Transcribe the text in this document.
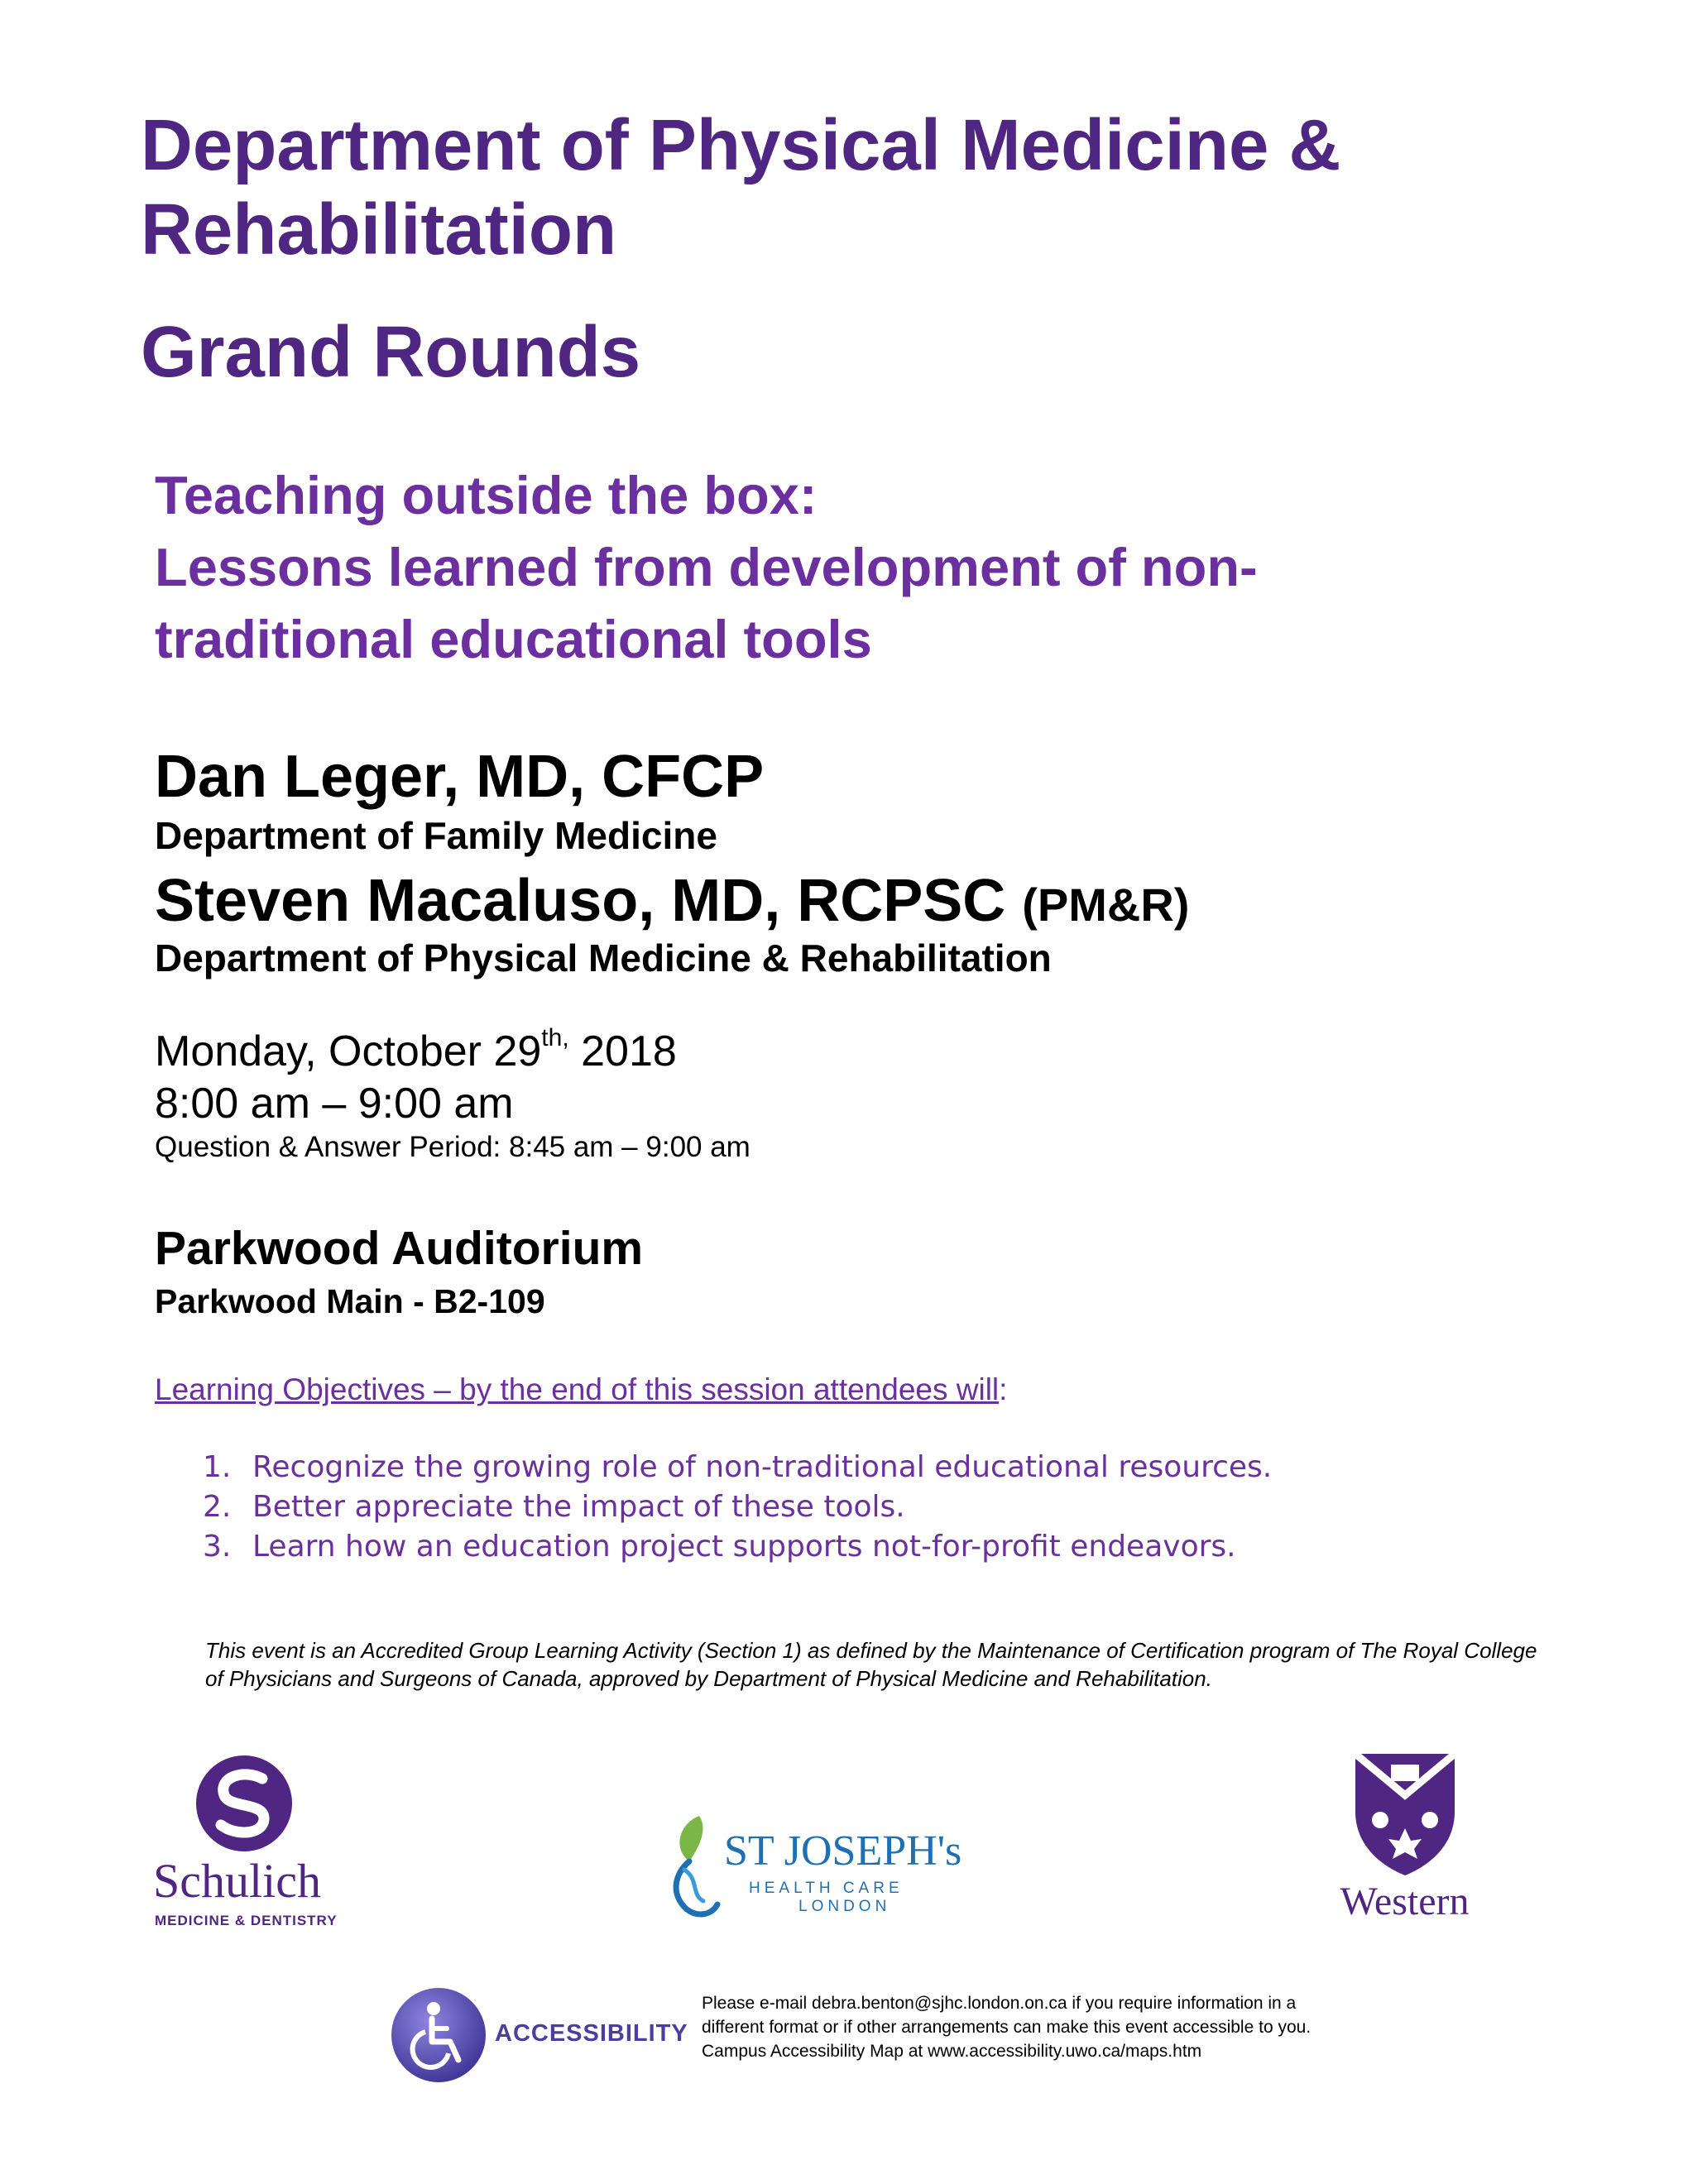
Department of Physical Medicine & Rehabilitation
Grand Rounds
Teaching outside the box:
Lessons learned from development of non-
traditional educational tools
Dan Leger, MD, CFCP
Department of Family Medicine
Steven Macaluso, MD, RCPSC (PM&R)
Department of Physical Medicine & Rehabilitation
Monday, October $29^{th,}$ 2018
8:00 am – 9:00 am
Question & Answer Period: 8:45 am – 9:00 am
Parkwood Auditorium
Parkwood Main - B2-109
Learning Objectives – by the end of this session attendees will:
1. Recognize the growing role of non-traditional educational resources.
2. Better appreciate the impact of these tools.
3. Learn how an education project supports not-for-profit endeavors.

This event is an Accredited Group Learning Activity (Section 1) as defined by the Maintenance of Certification program of The Royal College of Physicians and Surgeons of Canada, approved by Department of Physical Medicine and Rehabilitation.

Schulich
MEDICINE & DENTISTRY
ST JOSEPH's
HEALTH CARE
LONDON	Western
ACCESSIBILITY

Please e-mail debra.benton@sjhc.london.on.ca if you require information in a
different format or if other arrangements can make this event accessible to you.
Campus Accessibility Map at www.accessibility.uwo.ca/maps.htm
